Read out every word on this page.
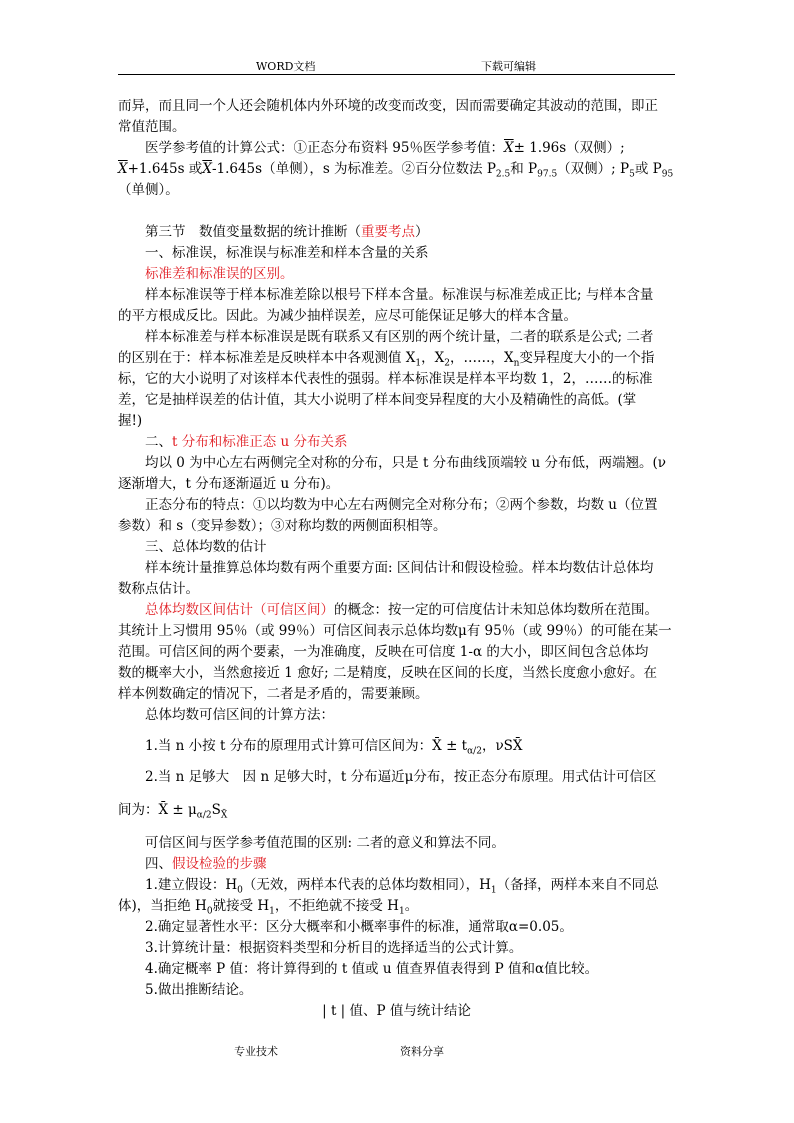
WORD文档	下载可编辑

而异，而且同一个人还会随机体内外环境的改变而改变，因而需要确定其波动的范围，即正

常值范围。

医学参考值的计算公式：①正态分布资料 95％医学参考值：$\overline{X}\pm 1.96s$（双侧）;

$\overline{X}+1.645s$ 或$\overline{X}-1.645s$（单侧），s 为标准差。②百分位数法 $P_{2.5}$和 $P_{97.5}$（双侧）; $P_5$或 $P_{95}$

（单侧）。

第三节　数值变量数据的统计推断（重要考点）

一、标准误，标准误与标准差和样本含量的关系

标准差和标准误的区别。

样本标准误等于样本标准差除以根号下样本含量。标准误与标准差成正比; 与样本含量

的平方根成反比。因此。为减少抽样误差，应尽可能保证足够大的样本含量。

样本标准差与样本标准误是既有联系又有区别的两个统计量，二者的联系是公式; 二者

的区别在于：样本标准差是反映样本中各观测值 $X_1$，$X_2$，……，$X_n$变异程度大小的一个指

标，它的大小说明了对该样本代表性的强弱。样本标准误是样本平均数 1，2，……的标准

差，它是抽样误差的估计值，其大小说明了样本间变异程度的大小及精确性的高低。(掌

握!)

二、t 分布和标准正态 u 分布关系

均以 0 为中心左右两侧完全对称的分布，只是 t 分布曲线顶端较 u 分布低，两端翘。(ν

逐渐增大，t 分布逐渐逼近 u 分布)。

正态分布的特点：①以均数为中心左右两侧完全对称分布；②两个参数，均数 u（位置

参数）和 s（变异参数）；③对称均数的两侧面积相等。

三、总体均数的估计

样本统计量推算总体均数有两个重要方面: 区间估计和假设检验。样本均数估计总体均

数称点估计。

总体均数区间估计（可信区间）的概念：按一定的可信度估计未知总体均数所在范围。

其统计上习惯用 95％（或 99％）可信区间表示总体均数μ有 95％（或 99％）的可能在某一

范围。可信区间的两个要素，一为准确度，反映在可信度 1-α 的大小，即区间包含总体均

数的概率大小，当然愈接近 1 愈好; 二是精度，反映在区间的长度，当然长度愈小愈好。在

样本例数确定的情况下，二者是矛盾的，需要兼顾。

总体均数可信区间的计算方法：

1.当 n 小按 t 分布的原理用式计算可信区间为：X̄ ± $t_{\alpha/2}$，νSX̄

2.当 n 足够大　因 n 足够大时，t 分布逼近μ分布，按正态分布原理。用式估计可信区

间为：X̄ ± $\mu_{\alpha/2}S_{X̄}$

可信区间与医学参考值范围的区别: 二者的意义和算法不同。

四、假设检验的步骤

1.建立假设：$H_0$（无效，两样本代表的总体均数相同），$H_1$（备择，两样本来自不同总

体)，当拒绝 $H_0$就接受 $H_1$，不拒绝就不接受 $H_1$。

2.确定显著性水平：区分大概率和小概率事件的标准，通常取α=0.05。

3.计算统计量：根据资料类型和分析目的选择适当的公式计算。

4.确定概率 P 值：将计算得到的 t 值或 u 值查界值表得到 P 值和α值比较。

5.做出推断结论。

| t | 值、P 值与统计结论

专业技术	资料分享
